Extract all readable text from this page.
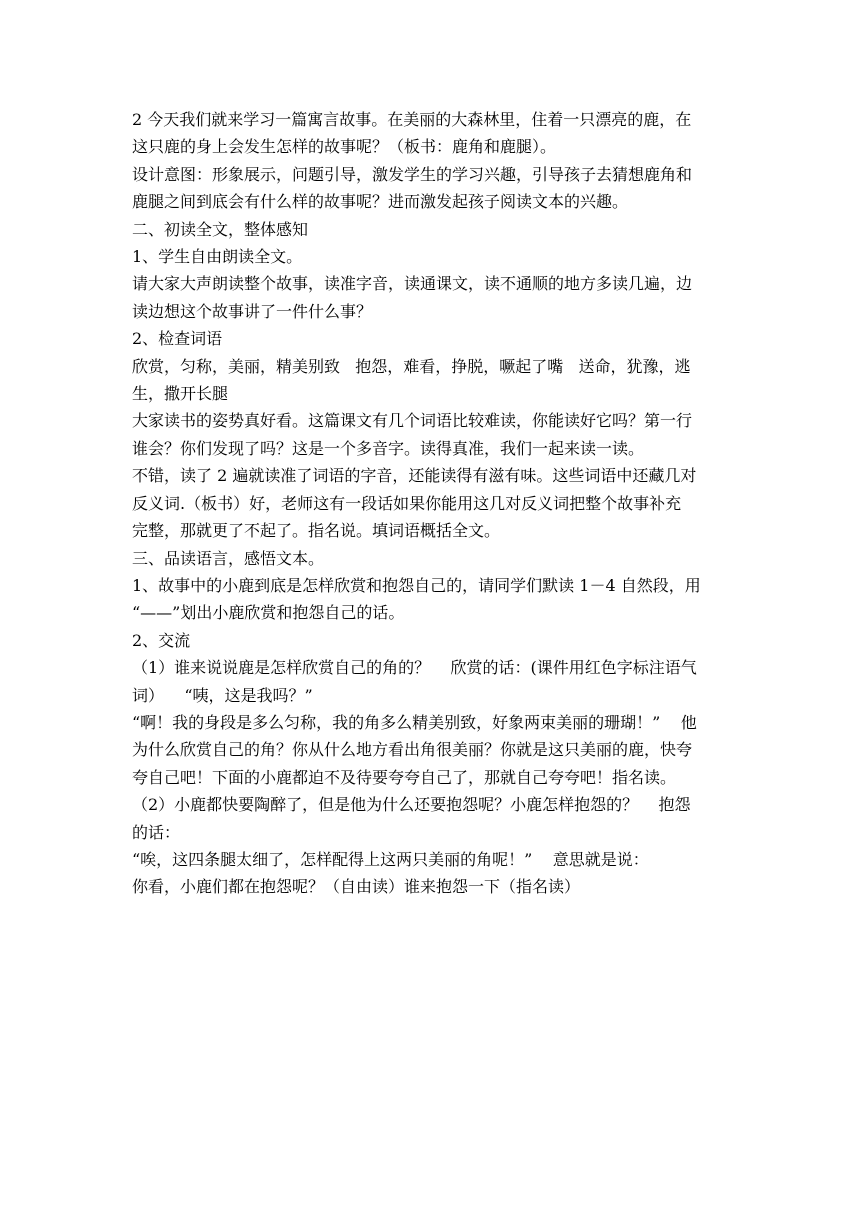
2 今天我们就来学习一篇寓言故事。在美丽的大森林里，住着一只漂亮的鹿，在
这只鹿的身上会发生怎样的故事呢？（板书：鹿角和鹿腿）。

设计意图：形象展示，问题引导，激发学生的学习兴趣，引导孩子去猜想鹿角和
鹿腿之间到底会有什么样的故事呢？进而激发起孩子阅读文本的兴趣。

二、初读全文，整体感知

1、学生自由朗读全文。

请大家大声朗读整个故事，读准字音，读通课文，读不通顺的地方多读几遍，边
读边想这个故事讲了一件什么事？

2、检查词语

欣赏，匀称，美丽，精美别致   抱怨，难看，挣脱，噘起了嘴   送命，犹豫，逃
生，撒开长腿

大家读书的姿势真好看。这篇课文有几个词语比较难读，你能读好它吗？第一行
谁会？你们发现了吗？这是一个多音字。读得真准，我们一起来读一读。

不错，读了 2 遍就读准了词语的字音，还能读得有滋有味。这些词语中还藏几对
反义词.（板书）好，老师这有一段话如果你能用这几对反义词把整个故事补充
完整，那就更了不起了。指名说。填词语概括全文。

三、品读语言，感悟文本。

1、故事中的小鹿到底是怎样欣赏和抱怨自己的，请同学们默读 1－4 自然段，用
“——”划出小鹿欣赏和抱怨自己的话。

2、交流

（1）谁来说说鹿是怎样欣赏自己的角的？    欣赏的话：(课件用红色字标注语气
词）    “咦，这是我吗？”

“啊！我的身段是多么匀称，我的角多么精美别致，好象两束美丽的珊瑚！”    他
为什么欣赏自己的角？你从什么地方看出角很美丽？你就是这只美丽的鹿，快夸
夸自己吧！下面的小鹿都迫不及待要夸夸自己了，那就自己夸夸吧！指名读。

（2）小鹿都快要陶醉了，但是他为什么还要抱怨呢？小鹿怎样抱怨的？    抱怨
的话：

“唉，这四条腿太细了，怎样配得上这两只美丽的角呢！”    意思就是说：

你看，小鹿们都在抱怨呢？（自由读）谁来抱怨一下（指名读）
